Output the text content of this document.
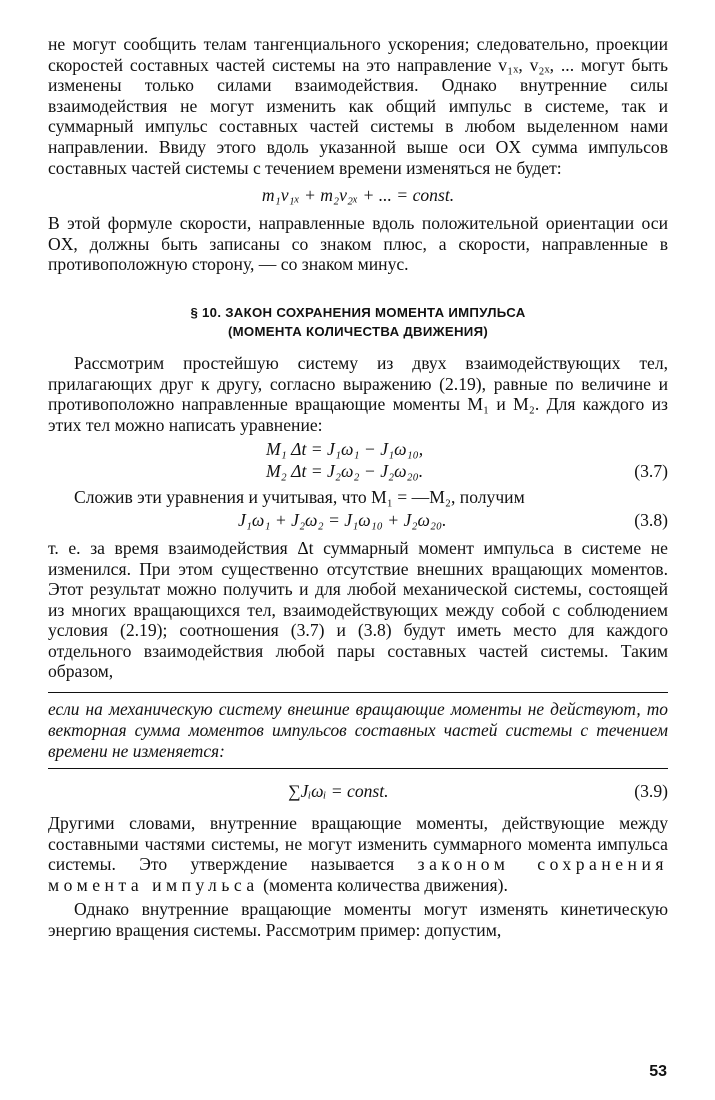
не могут сообщить телам тангенциального ускорения; следовательно, проекции скоростей составных частей системы на это направление v₁ₓ, v₂ₓ, ... могут быть изменены только силами взаимодействия. Однако внутренние силы взаимодействия не могут изменить как общий импульс в системе, так и суммарный импульс составных частей системы в любом выделенном нами направлении. Ввиду этого вдоль указанной выше оси OX сумма импульсов составных частей системы с течением времени изменяться не будет:

m₁v₁ₓ + m₂v₂ₓ + ... = const.

В этой формуле скорости, направленные вдоль положительной ориентации оси OX, должны быть записаны со знаком плюс, а скорости, направленные в противоположную сторону, — со знаком минус.

§ 10. ЗАКОН СОХРАНЕНИЯ МОМЕНТА ИМПУЛЬСА
(МОМЕНТА КОЛИЧЕСТВА ДВИЖЕНИЯ)

Рассмотрим простейшую систему из двух взаимодействующих тел, прилагающих друг к другу, согласно выражению (2.19), равные по величине и противоположно направленные вращающие моменты M₁ и M₂. Для каждого из этих тел можно написать уравнение:

M₁ Δt = J₁ω₁ − J₁ω₁₀,
M₂ Δt = J₂ω₂ − J₂ω₂₀.	(3.7)

Сложив эти уравнения и учитывая, что M₁ = —M₂, получим

J₁ω₁ + J₂ω₂ = J₁ω₁₀ + J₂ω₂₀.	(3.8)

т. е. за время взаимодействия Δt суммарный момент импульса в системе не изменился. При этом существенно отсутствие внешних вращающих моментов. Этот результат можно получить и для любой механической системы, состоящей из многих вращающихся тел, взаимодействующих между собой с соблюдением условия (2.19); соотношения (3.7) и (3.8) будут иметь место для каждого отдельного взаимодействия любой пары составных частей системы. Таким образом,

если на механическую систему внешние вращающие моменты не действуют, то векторная сумма моментов импульсов составных частей системы с течением времени не изменяется:

∑Jᵢωᵢ = const.	(3.9)

Другими словами, внутренние вращающие моменты, действующие между составными частями системы, не могут изменить суммарного момента импульса системы. Это утверждение называется законом сохранения момента импульса (момента количества движения).

Однако внутренние вращающие моменты могут изменять кинетическую энергию вращения системы. Рассмотрим пример: допустим,

53
